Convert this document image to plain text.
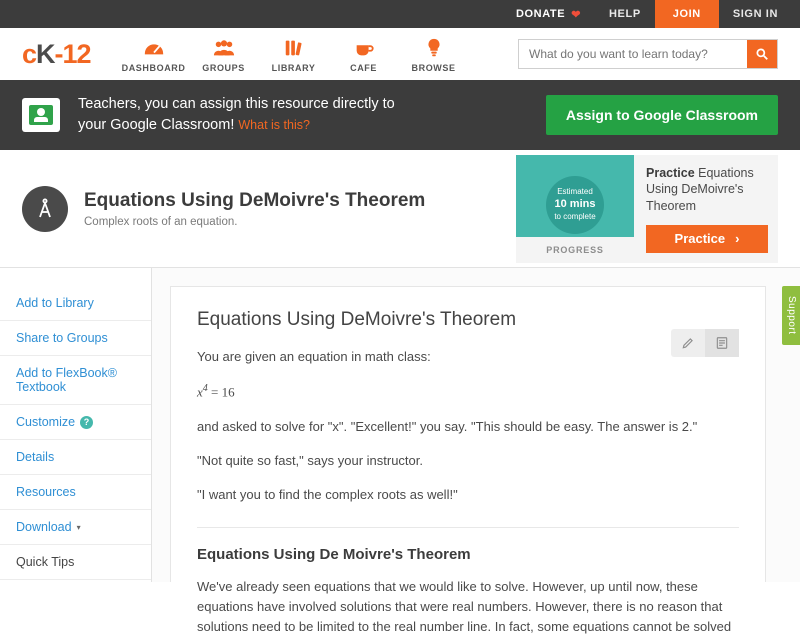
DONATE ❤	HELP	JOIN	SIGN IN
cK-12	DASHBOARD	GROUPS	LIBRARY	CAFE	BROWSE
What do you want to learn today?
Teachers, you can assign this resource directly to
your Google Classroom! What is this?
Assign to Google Classroom
Equations Using DeMoivre's Theorem

Complex roots of an equation.

Estimated
10 mins
to complete
PROGRESS
Practice Equations Using DeMoivre's Theorem
Practice ›
Add to Library
Share to Groups
Add to FlexBook® Textbook
Customize ?
Details
Resources
Download ▾
Quick Tips
Equations Using DeMoivre's Theorem

You are given an equation in math class:

$x^4 = 16$

and asked to solve for "x". "Excellent!" you say. "This should be easy. The answer is 2."

"Not quite so fast," says your instructor.

"I want you to find the complex roots as well!"

Equations Using De Moivre's Theorem

We've already seen equations that we would like to solve. However, up until now, these equations have involved solutions that were real numbers. However, there is no reason that solutions need to be limited to the real number line. In fact, some equations cannot be solved

Support
